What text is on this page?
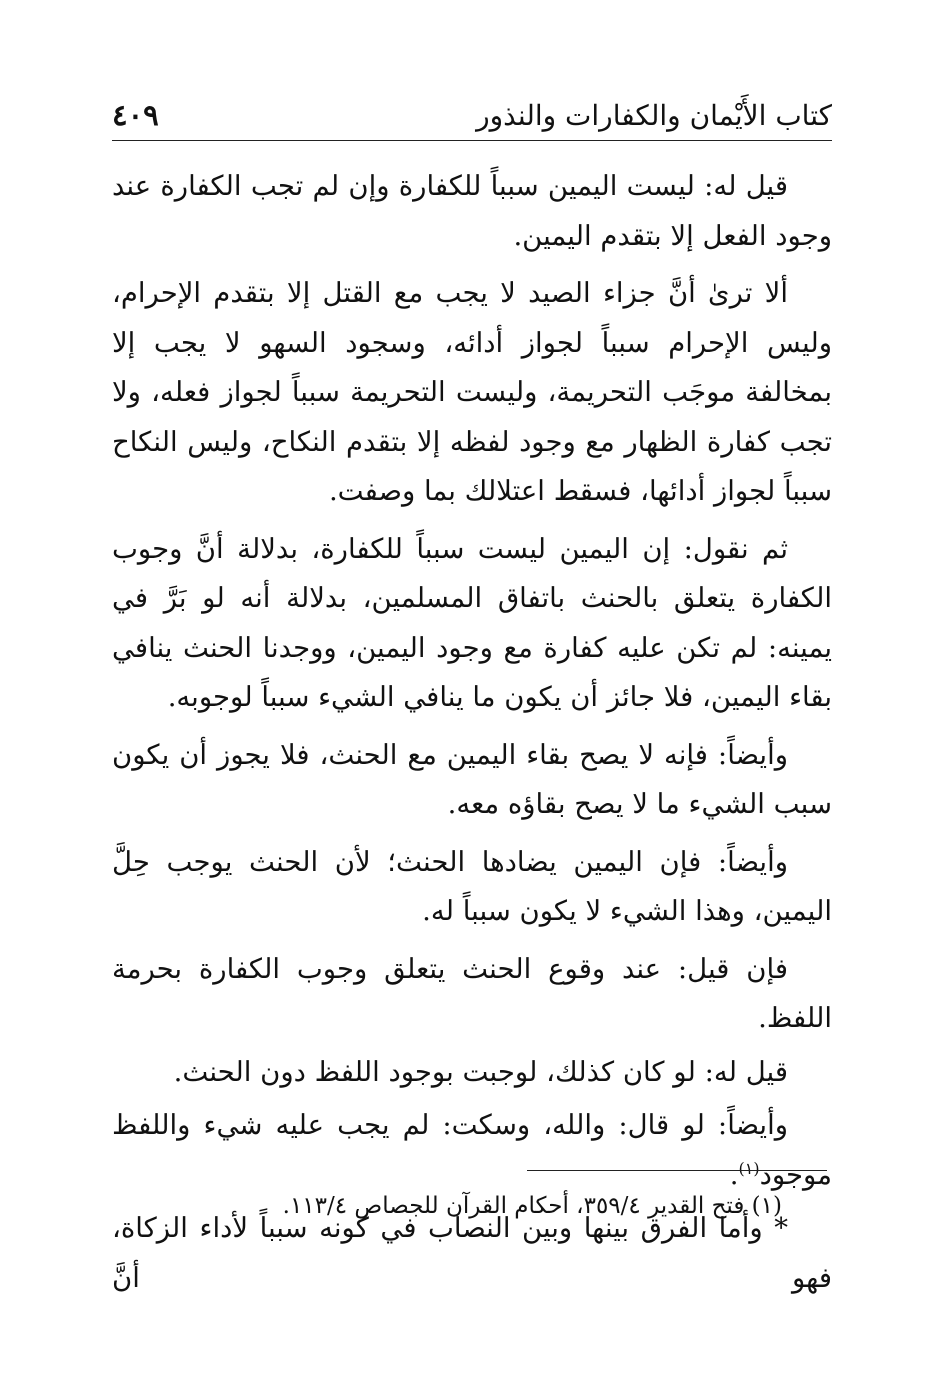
كتاب الأَيْمان والكفارات والنذور
٤٠٩

قيل له: ليست اليمين سبباً للكفارة وإن لم تجب الكفارة عند وجود الفعل إلا بتقدم اليمين.

ألا ترىٰ أنَّ جزاء الصيد لا يجب مع القتل إلا بتقدم الإحرام، وليس الإحرام سبباً لجواز أدائه، وسجود السهو لا يجب إلا بمخالفة موجَب التحريمة، وليست التحريمة سبباً لجواز فعله، ولا تجب كفارة الظهار مع وجود لفظه إلا بتقدم النكاح، وليس النكاح سبباً لجواز أدائها، فسقط اعتلالك بما وصفت.

ثم نقول: إن اليمين ليست سبباً للكفارة، بدلالة أنَّ وجوب الكفارة يتعلق بالحنث باتفاق المسلمين، بدلالة أنه لو بَرَّ في يمينه: لم تكن عليه كفارة مع وجود اليمين، ووجدنا الحنث ينافي بقاء اليمين، فلا جائز أن يكون ما ينافي الشيء سبباً لوجوبه.

وأيضاً: فإنه لا يصح بقاء اليمين مع الحنث، فلا يجوز أن يكون سبب الشيء ما لا يصح بقاؤه معه.

وأيضاً: فإن اليمين يضادها الحنث؛ لأن الحنث يوجب حِلَّ اليمين، وهذا الشيء لا يكون سبباً له.

فإن قيل: عند وقوع الحنث يتعلق وجوب الكفارة بحرمة اللفظ.

قيل له: لو كان كذلك، لوجبت بوجود اللفظ دون الحنث.

وأيضاً: لو قال: والله، وسكت: لم يجب عليه شيء واللفظ موجود$^{(١)}$.

* وأما الفرق بينها وبين النصاب في كونه سبباً لأداء الزكاة، فهو أنَّ

(١) فتح القدير ٣٥٩/٤، أحكام القرآن للجصاص ١١٣/٤.
